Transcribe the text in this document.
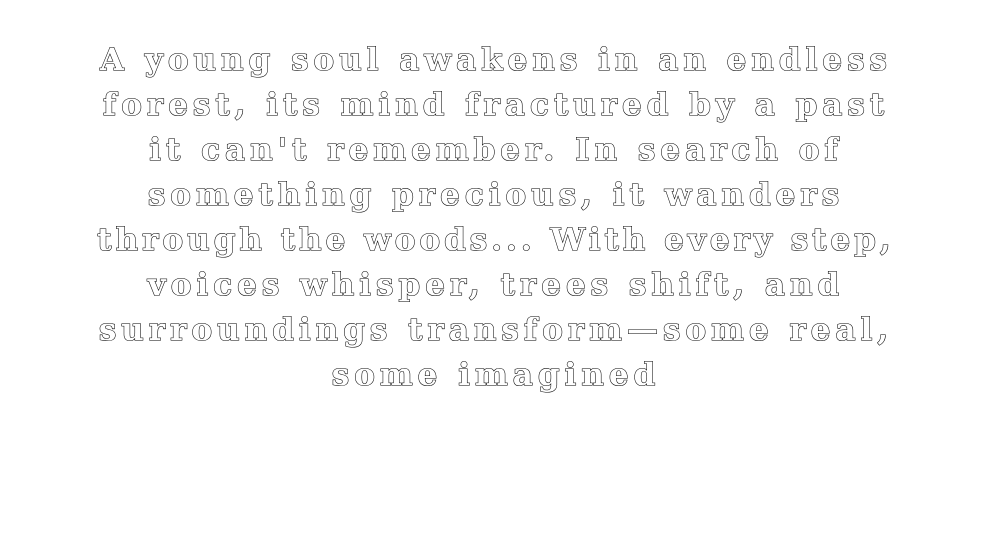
A young soul awakens in an endless
forest, its mind fractured by a past
it can't remember. In search of
something precious, it wanders
through the woods... With every step,
voices whisper, trees shift, and
surroundings transform—some real,
some imagined
